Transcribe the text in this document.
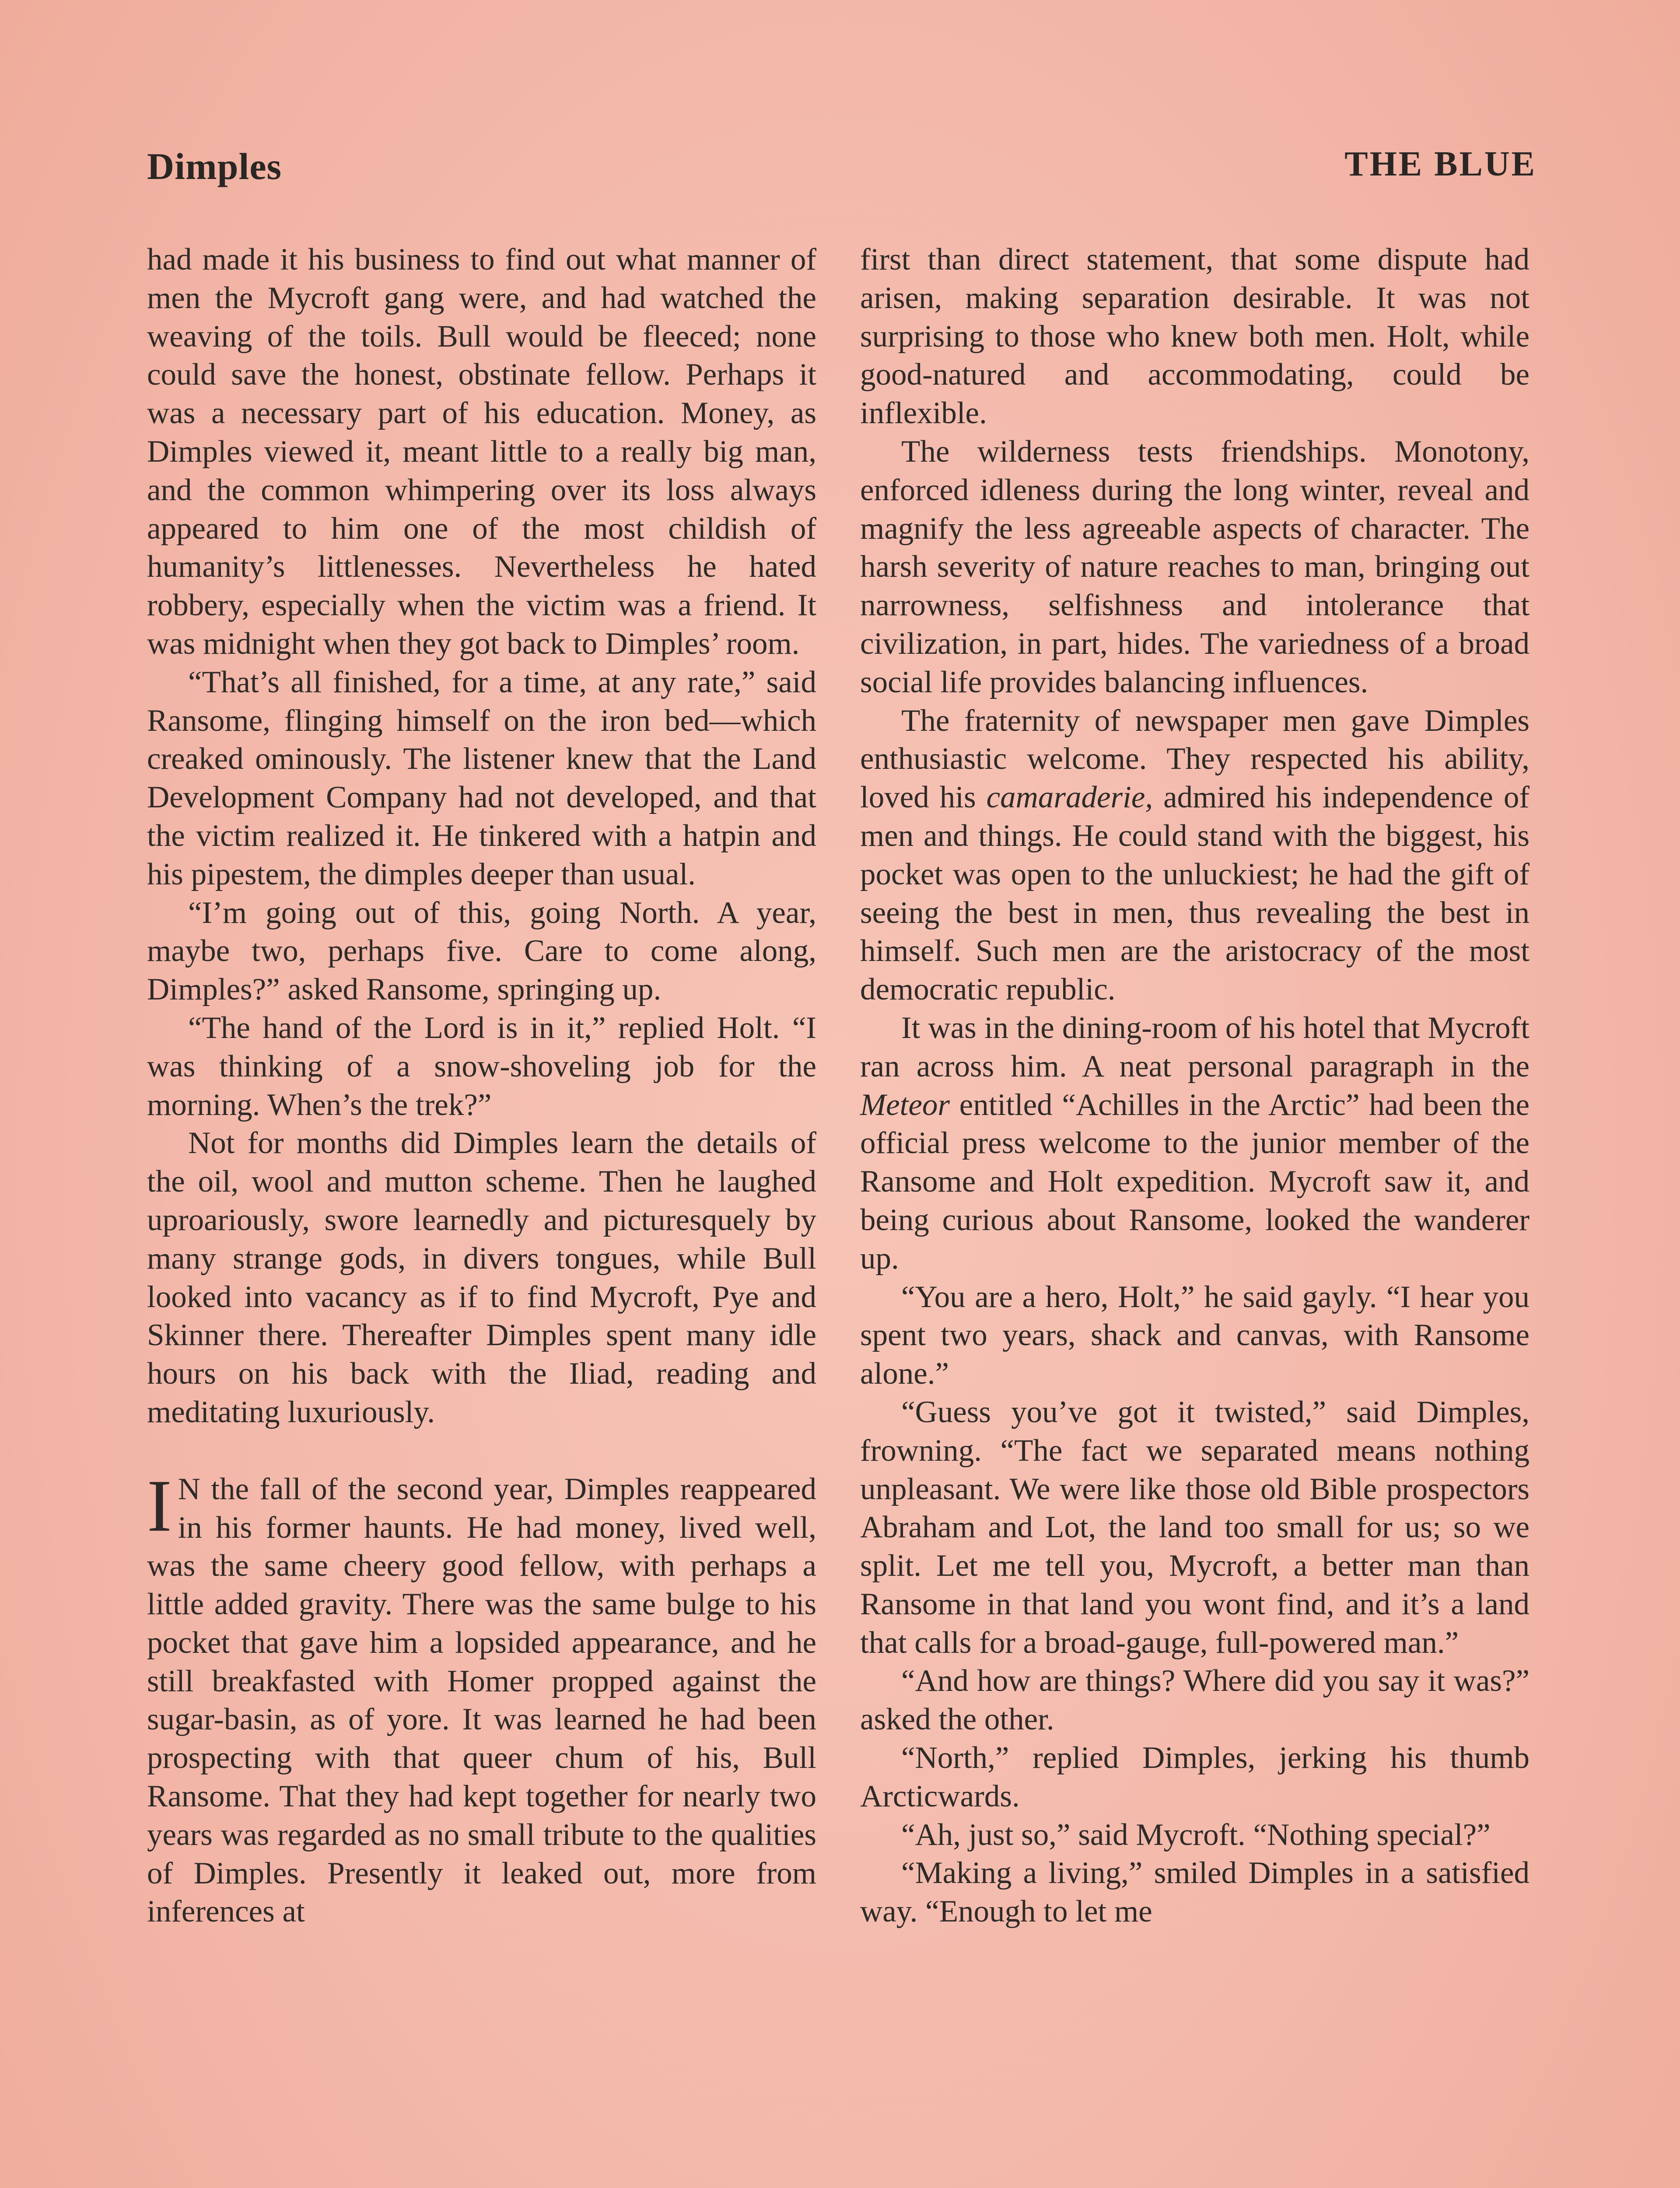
Dimples	THE BLUE

had made it his business to find out what manner of men the Mycroft gang were, and had watched the weaving of the toils. Bull would be fleeced; none could save the honest, obstinate fellow. Perhaps it was a necessary part of his education. Money, as Dimples viewed it, meant little to a really big man, and the common whimpering over its loss always appeared to him one of the most childish of humanity’s littlenesses. Nevertheless he hated robbery, especially when the victim was a friend. It was midnight when they got back to Dimples’ room.

“That’s all finished, for a time, at any rate,” said Ransome, flinging himself on the iron bed—which creaked ominously. The listener knew that the Land Development Company had not developed, and that the victim realized it. He tinkered with a hatpin and his pipestem, the dimples deeper than usual.

“I’m going out of this, going North. A year, maybe two, perhaps five. Care to come along, Dimples?” asked Ransome, springing up.

“The hand of the Lord is in it,” replied Holt. “I was thinking of a snow-shoveling job for the morning. When’s the trek?”

Not for months did Dimples learn the details of the oil, wool and mutton scheme. Then he laughed uproariously, swore learnedly and picturesquely by many strange gods, in divers tongues, while Bull looked into vacancy as if to find Mycroft, Pye and Skinner there. Thereafter Dimples spent many idle hours on his back with the Iliad, reading and meditating luxuriously.

I N the fall of the second year, Dimples reappeared in his former haunts. He had money, lived well, was the same cheery good fellow, with perhaps a little added gravity. There was the same bulge to his pocket that gave him a lopsided appearance, and he still breakfasted with Homer propped against the sugar-basin, as of yore. It was learned he had been prospecting with that queer chum of his, Bull Ransome. That they had kept together for nearly two years was regarded as no small tribute to the qualities of Dimples. Presently it leaked out, more from inferences at

first than direct statement, that some dispute had arisen, making separation desirable. It was not surprising to those who knew both men. Holt, while good-natured and accommodating, could be inflexible.

The wilderness tests friendships. Monotony, enforced idleness during the long winter, reveal and magnify the less agreeable aspects of character. The harsh severity of nature reaches to man, bringing out narrowness, selfishness and intolerance that civilization, in part, hides. The variedness of a broad social life provides balancing influences.

The fraternity of newspaper men gave Dimples enthusiastic welcome. They respected his ability, loved his camaraderie, admired his independence of men and things. He could stand with the biggest, his pocket was open to the unluckiest; he had the gift of seeing the best in men, thus revealing the best in himself. Such men are the aristocracy of the most democratic republic.

It was in the dining-room of his hotel that Mycroft ran across him. A neat personal paragraph in the Meteor entitled “Achilles in the Arctic” had been the official press welcome to the junior member of the Ransome and Holt expedition. Mycroft saw it, and being curious about Ransome, looked the wanderer up.

“You are a hero, Holt,” he said gayly. “I hear you spent two years, shack and canvas, with Ransome alone.”

“Guess you’ve got it twisted,” said Dimples, frowning. “The fact we separated means nothing unpleasant. We were like those old Bible prospectors Abraham and Lot, the land too small for us; so we split. Let me tell you, Mycroft, a better man than Ransome in that land you wont find, and it’s a land that calls for a broad-gauge, full-powered man.”

“And how are things? Where did you say it was?” asked the other.

“North,” replied Dimples, jerking his thumb Arcticwards.

“Ah, just so,” said Mycroft. “Nothing special?”

“Making a living,” smiled Dimples in a satisfied way. “Enough to let me
